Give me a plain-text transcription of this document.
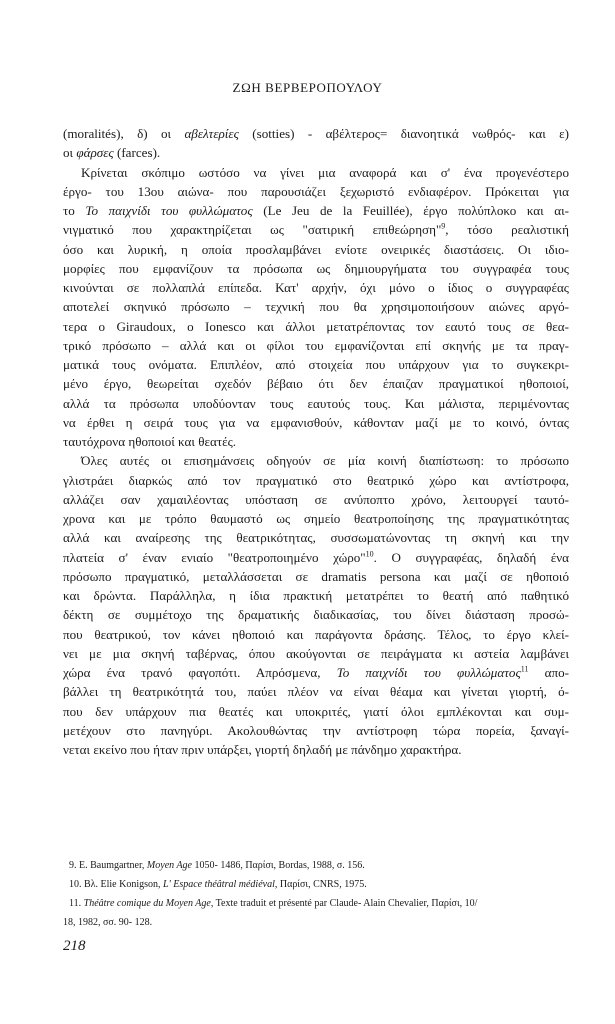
ΖΩΗ ΒΕΡΒΕΡΟΠΟΥΛΟΥ

(moralités), δ) οι αβελτερίες (sotties) - αβέλτερος= διανοητικά νωθρός- και ε)
οι φάρσες (farces).

Κρίνεται σκόπιμο ωστόσο να γίνει μια αναφορά και σ' ένα προγενέστερο
έργο- του 13ου αιώνα- που παρουσιάζει ξεχωριστό ενδιαφέρον. Πρόκειται για
το Το παιχνίδι του φυλλώματος (Le Jeu de la Feuillée), έργο πολύπλοκο και αι-
νιγματικό που χαρακτηρίζεται ως "σατιρική επιθεώρηση"$^9$, τόσο ρεαλιστική
όσο και λυρική, η οποία προσλαμβάνει ενίοτε ονειρικές διαστάσεις. Οι ιδιο-
μορφίες που εμφανίζουν τα πρόσωπα ως δημιουργήματα του συγγραφέα τους
κινούνται σε πολλαπλά επίπεδα. Κατ' αρχήν, όχι μόνο ο ίδιος ο συγγραφέας
αποτελεί σκηνικό πρόσωπο – τεχνική που θα χρησιμοποιήσουν αιώνες αργό-
τερα ο Giraudoux, ο Ionesco και άλλοι μετατρέποντας τον εαυτό τους σε θεα-
τρικό πρόσωπο – αλλά και οι φίλοι του εμφανίζονται επί σκηνής με τα πραγ-
ματικά τους ονόματα. Επιπλέον, από στοιχεία που υπάρχουν για το συγκεκρι-
μένο έργο, θεωρείται σχεδόν βέβαιο ότι δεν έπαιζαν πραγματικοί ηθοποιοί,
αλλά τα πρόσωπα υποδύονταν τους εαυτούς τους. Και μάλιστα, περιμένοντας
να έρθει η σειρά τους για να εμφανισθούν, κάθονταν μαζί με το κοινό, όντας
ταυτόχρονα ηθοποιοί και θεατές.

Όλες αυτές οι επισημάνσεις οδηγούν σε μία κοινή διαπίστωση: το πρόσωπο
γλιστράει διαρκώς από τον πραγματικό στο θεατρικό χώρο και αντίστροφα,
αλλάζει σαν χαμαιλέοντας υπόσταση σε ανύποπτο χρόνο, λειτουργεί ταυτό-
χρονα και με τρόπο θαυμαστό ως σημείο θεατροποίησης της πραγματικότητας
αλλά και αναίρεσης της θεατρικότητας, συσσωματώνοντας τη σκηνή και την
πλατεία σ' έναν ενιαίο "θεατροποιημένο χώρο"$^{10}$. Ο συγγραφέας, δηλαδή ένα
πρόσωπο πραγματικό, μεταλλάσσεται σε dramatis persona και μαζί σε ηθοποιό
και δρώντα. Παράλληλα, η ίδια πρακτική μετατρέπει το θεατή από παθητικό
δέκτη σε συμμέτοχο της δραματικής διαδικασίας, του δίνει διάσταση προσώ-
που θεατρικού, τον κάνει ηθοποιό και παράγοντα δράσης. Τέλος, το έργο κλεί-
νει με μια σκηνή ταβέρνας, όπου ακούγονται σε πειράγματα κι αστεία λαμβάνει
χώρα ένα τρανό φαγοπότι. Απρόσμενα, Το παιχνίδι του φυλλώματος$^{11}$ απο-
βάλλει τη θεατρικότητά του, παύει πλέον να είναι θέαμα και γίνεται γιορτή, ό-
που δεν υπάρχουν πια θεατές και υποκριτές, γιατί όλοι εμπλέκονται και συμ-
μετέχουν στο πανηγύρι. Ακολουθώντας την αντίστροφη τώρα πορεία, ξαναγί-
νεται εκείνο που ήταν πριν υπάρξει, γιορτή δηλαδή με πάνδημο χαρακτήρα.

9. E. Baumgartner, Moyen Age 1050- 1486, Παρίσι, Bordas, 1988, σ. 156.
10. Βλ. Elie Konigson, L' Espace théâtral médiéval, Παρίσι, CNRS, 1975.
11. Théâtre comique du Moyen Age, Texte traduit et présenté par Claude- Alain Chevalier, Παρίσι, 10/
18, 1982, σσ. 90- 128.
218
